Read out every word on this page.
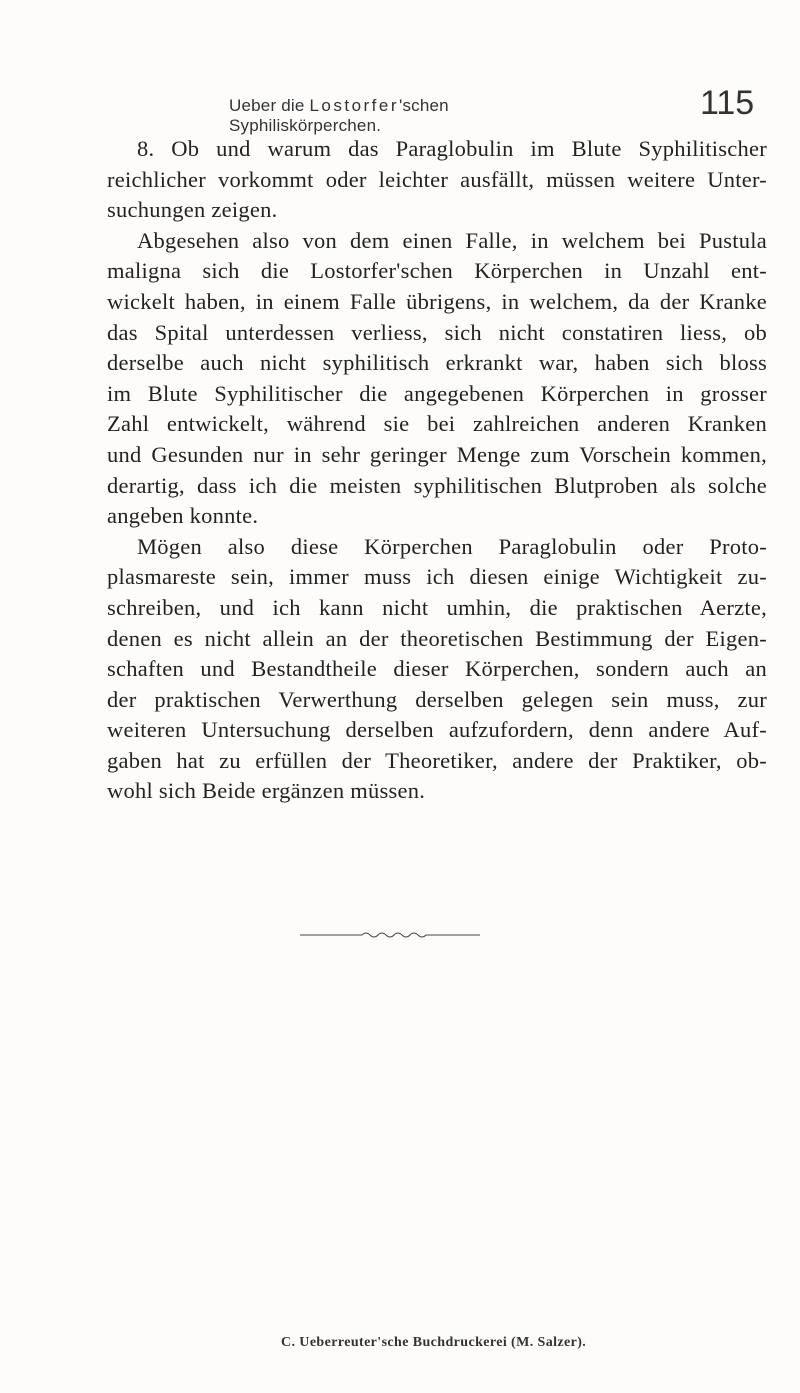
Ueber die Lostorfer'schen Syphiliskörperchen.
115
8. Ob und warum das Paraglobulin im Blute Syphilitischer
reichlicher vorkommt oder leichter ausfällt, müssen weitere Unter-
suchungen zeigen.
Abgesehen also von dem einen Falle, in welchem bei Pustula
maligna sich die Lostorfer'schen Körperchen in Unzahl ent-
wickelt haben, in einem Falle übrigens, in welchem, da der Kranke
das Spital unterdessen verliess, sich nicht constatiren liess, ob
derselbe auch nicht syphilitisch erkrankt war, haben sich bloss
im Blute Syphilitischer die angegebenen Körperchen in grosser
Zahl entwickelt, während sie bei zahlreichen anderen Kranken
und Gesunden nur in sehr geringer Menge zum Vorschein kommen,
derartig, dass ich die meisten syphilitischen Blutproben als solche
angeben konnte.
Mögen also diese Körperchen Paraglobulin oder Proto-
plasmareste sein, immer muss ich diesen einige Wichtigkeit zu-
schreiben, und ich kann nicht umhin, die praktischen Aerzte,
denen es nicht allein an der theoretischen Bestimmung der Eigen-
schaften und Bestandtheile dieser Körperchen, sondern auch an
der praktischen Verwerthung derselben gelegen sein muss, zur
weiteren Untersuchung derselben aufzufordern, denn andere Auf-
gaben hat zu erfüllen der Theoretiker, andere der Praktiker, ob-
wohl sich Beide ergänzen müssen.
C. Ueberreuter'sche Buchdruckerei (M. Salzer).
